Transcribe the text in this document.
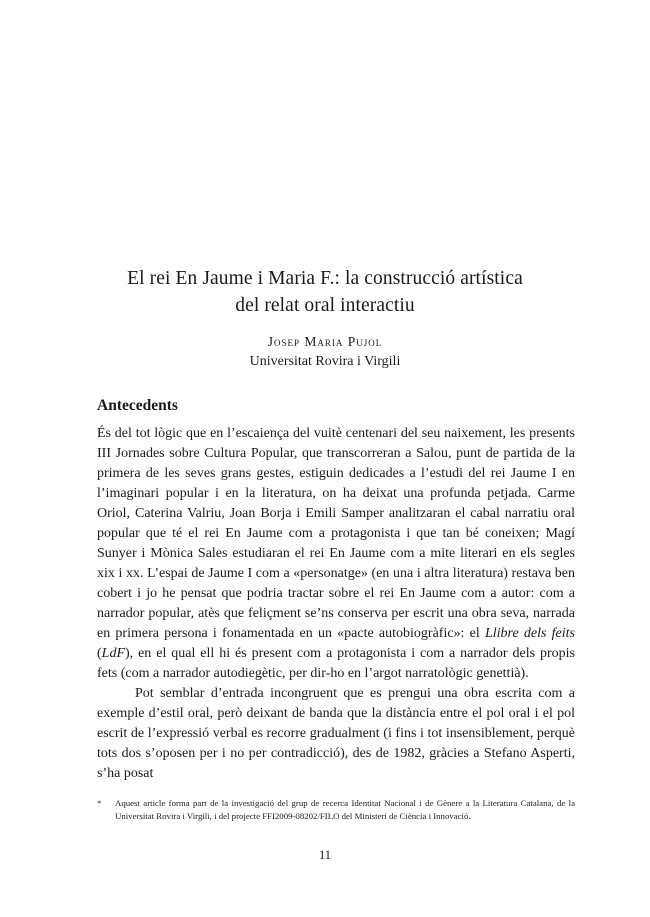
El rei En Jaume i Maria F.: la construcció artística
del relat oral interactiu
Josep Maria Pujol
Universitat Rovira i Virgili
Antecedents

És del tot lògic que en l’escaiença del vuitè centenari del seu naixement, les presents III Jornades sobre Cultura Popular, que transcorreran a Salou, punt de partida de la primera de les seves grans gestes, estiguin dedicades a l’estudi del rei Jaume I en l’imaginari popular i en la literatura, on ha deixat una profunda petjada. Carme Oriol, Caterina Valriu, Joan Borja i Emili Samper analitzaran el cabal narratiu oral popular que té el rei En Jaume com a protagonista i que tan bé coneixen; Magí Sunyer i Mònica Sales estudiaran el rei En Jaume com a mite literari en els segles xix i xx. L’espai de Jaume I com a «personatge» (en una i altra literatura) restava ben cobert i jo he pensat que podria tractar sobre el rei En Jaume com a autor: com a narrador popular, atès que feliçment se’ns conserva per escrit una obra seva, narrada en primera persona i fonamentada en un «pacte autobiogràfic»: el Llibre dels feits (LdF), en el qual ell hi és present com a protagonista i com a narrador dels propis fets (com a narrador autodiegètic, per dir-ho en l’argot narratològic genettià).

Pot semblar d’entrada incongruent que es prengui una obra escrita com a exemple d’estil oral, però deixant de banda que la distància entre el pol oral i el pol escrit de l’expressió verbal es recorre gradualment (i fins i tot insensiblement, perquè tots dos s’oposen per i no per contradicció), des de 1982, gràcies a Stefano Asperti, s’ha posat

*	Aquest article forma part de la investigació del grup de recerca Identitat Nacional i de Gènere a la Literatura Catalana, de la Universitat Rovira i Virgili, i del projecte FFI2009-08202/FILO del Ministeri de Ciència i Innovació.
11
